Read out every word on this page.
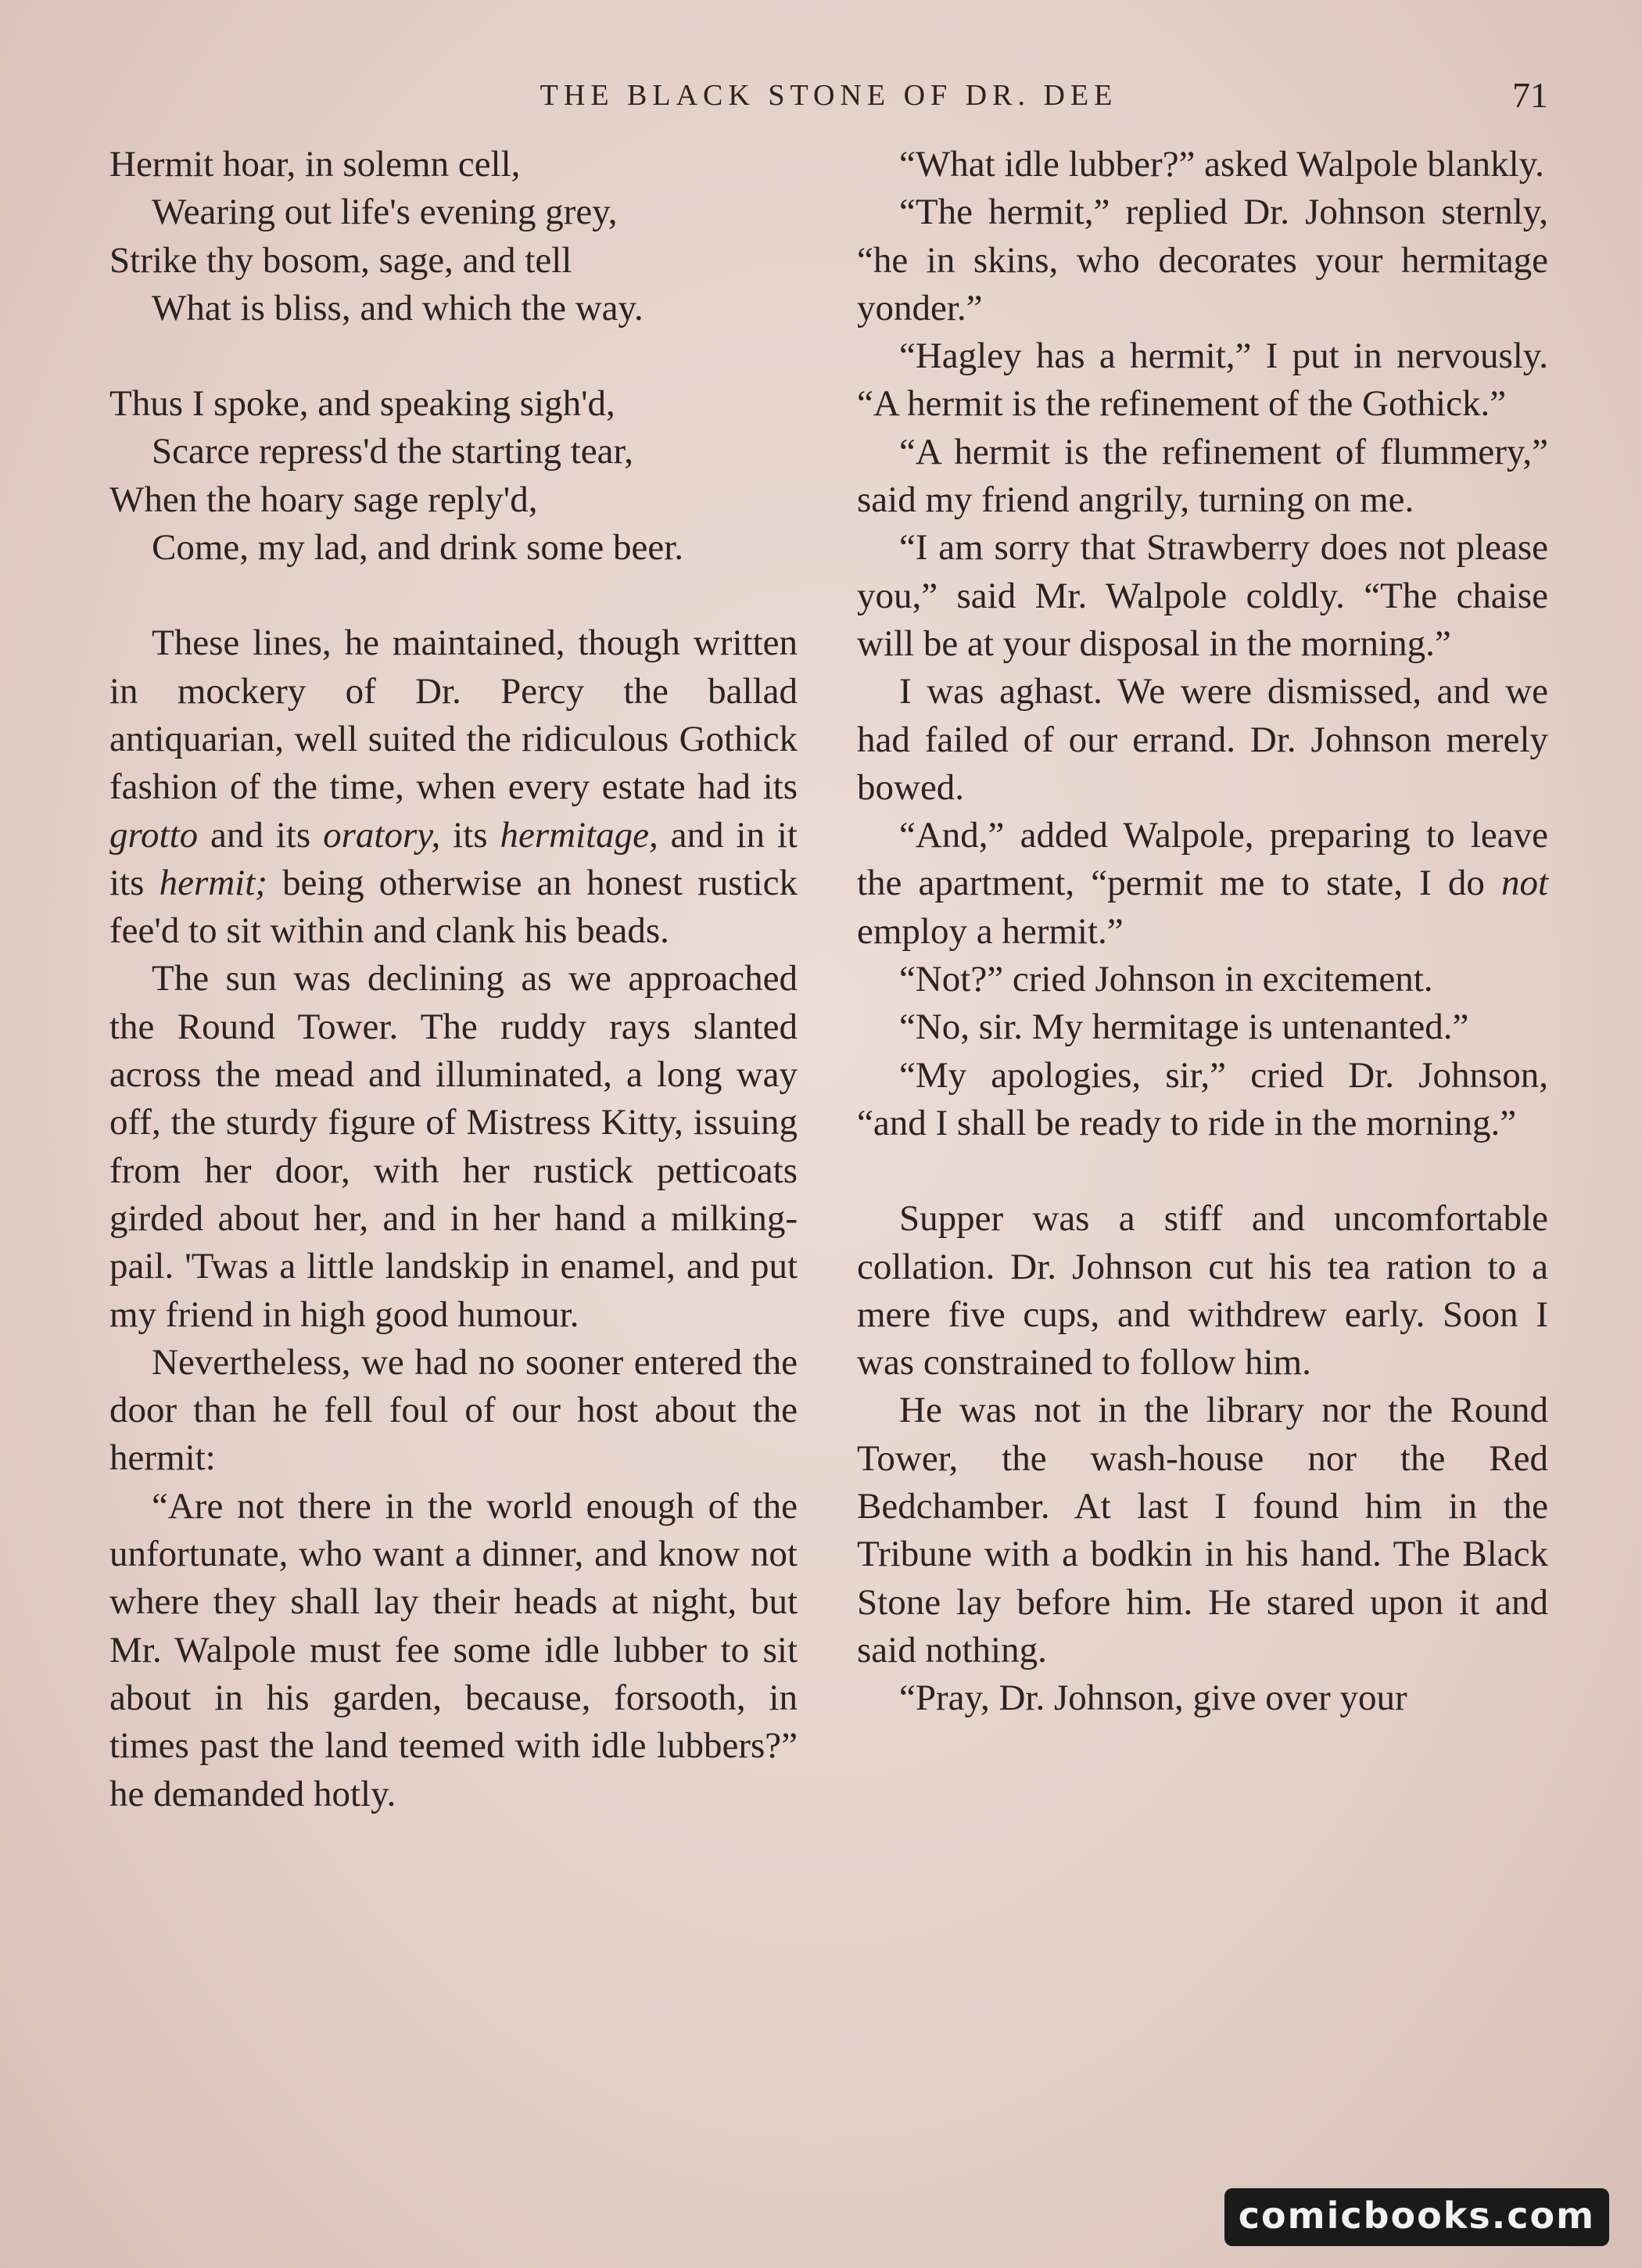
THE BLACK STONE OF DR. DEE	71
Hermit hoar, in solemn cell,
Wearing out life's evening grey,
Strike thy bosom, sage, and tell
What is bliss, and which the way.
Thus I spoke, and speaking sigh'd,
Scarce repress'd the starting tear,
When the hoary sage reply'd,
Come, my lad, and drink some beer.

These lines, he maintained, though written in mockery of Dr. Percy the ballad antiquarian, well suited the ridiculous Gothick fashion of the time, when every estate had its grotto and its oratory, its hermitage, and in it its hermit; being otherwise an honest rustick fee'd to sit within and clank his beads.

The sun was declining as we approached the Round Tower. The ruddy rays slanted across the mead and illuminated, a long way off, the sturdy figure of Mistress Kitty, issuing from her door, with her rustick petticoats girded about her, and in her hand a milking-pail. 'Twas a little landskip in enamel, and put my friend in high good humour.

Nevertheless, we had no sooner entered the door than he fell foul of our host about the hermit:

“Are not there in the world enough of the unfortunate, who want a dinner, and know not where they shall lay their heads at night, but Mr. Walpole must fee some idle lubber to sit about in his garden, because, forsooth, in times past the land teemed with idle lubbers?” he demanded hotly.

“What idle lubber?” asked Walpole blankly.

“The hermit,” replied Dr. Johnson sternly, “he in skins, who decorates your hermitage yonder.”

“Hagley has a hermit,” I put in nervously. “A hermit is the refinement of the Gothick.”

“A hermit is the refinement of flummery,” said my friend angrily, turning on me.

“I am sorry that Strawberry does not please you,” said Mr. Walpole coldly. “The chaise will be at your disposal in the morning.”

I was aghast. We were dismissed, and we had failed of our errand. Dr. Johnson merely bowed.

“And,” added Walpole, preparing to leave the apartment, “permit me to state, I do not employ a hermit.”

“Not?” cried Johnson in excitement.

“No, sir. My hermitage is untenanted.”

“My apologies, sir,” cried Dr. Johnson, “and I shall be ready to ride in the morning.”

Supper was a stiff and uncomfortable collation. Dr. Johnson cut his tea ration to a mere five cups, and withdrew early. Soon I was constrained to follow him.

He was not in the library nor the Round Tower, the wash-house nor the Red Bedchamber. At last I found him in the Tribune with a bodkin in his hand. The Black Stone lay before him. He stared upon it and said nothing.

“Pray, Dr. Johnson, give over your

comicbooks.com
